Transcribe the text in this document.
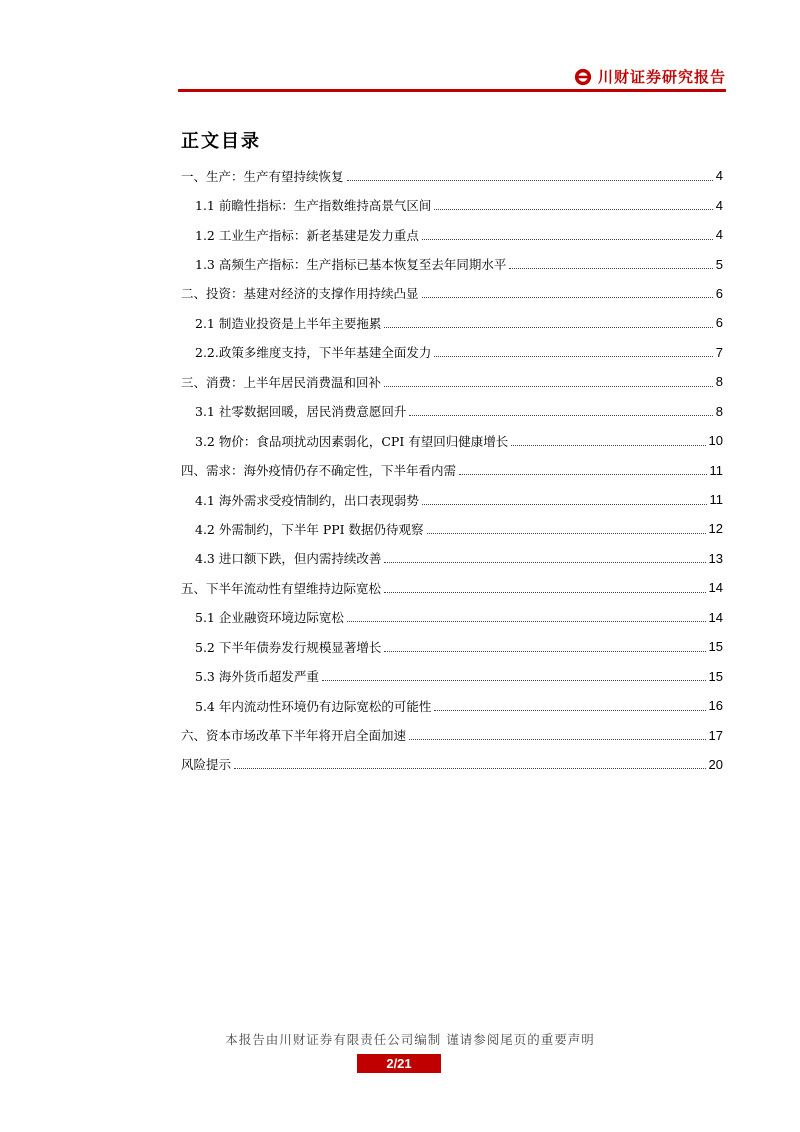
川财证券研究报告
正文目录
一、生产：生产有望持续恢复	4
1.1 前瞻性指标：生产指数维持高景气区间	4
1.2 工业生产指标：新老基建是发力重点	4
1.3 高频生产指标：生产指标已基本恢复至去年同期水平	5
二、投资：基建对经济的支撑作用持续凸显	6
2.1 制造业投资是上半年主要拖累	6
2.2.政策多维度支持，下半年基建全面发力	7
三、消费：上半年居民消费温和回补	8
3.1 社零数据回暖，居民消费意愿回升	8
3.2 物价：食品项扰动因素弱化，CPI 有望回归健康增长	10
四、需求：海外疫情仍存不确定性，下半年看内需	11
4.1 海外需求受疫情制约，出口表现弱势	11
4.2 外需制约，下半年 PPI 数据仍待观察	12
4.3 进口额下跌，但内需持续改善	13
五、下半年流动性有望维持边际宽松	14
5.1 企业融资环境边际宽松	14
5.2 下半年债券发行规模显著增长	15
5.3 海外货币超发严重	15
5.4 年内流动性环境仍有边际宽松的可能性	16
六、资本市场改革下半年将开启全面加速	17
风险提示	20
本报告由川财证券有限责任公司编制 谨请参阅尾页的重要声明
2/21
